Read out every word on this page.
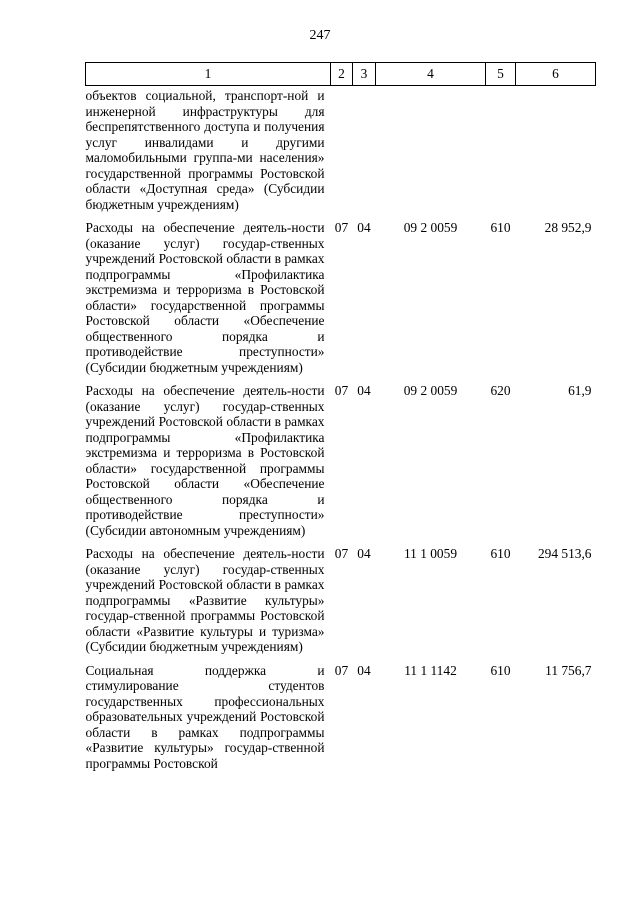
247
1	2	3	4	5	6
объектов социальной, транспорт-ной и инженерной инфраструктуры для беспрепятственного доступа и получения услуг инвалидами и другими маломобильными группа-ми населения» государственной программы Ростовской области «Доступная среда» (Субсидии бюджетным учреждениям)					
Расходы на обеспечение деятель-ности (оказание услуг) государ-ственных учреждений Ростовской области в рамках подпрограммы «Профилактика экстремизма и терроризма в Ростовской области» государственной программы Ростовской области «Обеспечение общественного порядка и противодействие преступности» (Субсидии бюджетным учреждениям)	07	04	09 2 0059	610	28 952,9
Расходы на обеспечение деятель-ности (оказание услуг) государ-ственных учреждений Ростовской области в рамках подпрограммы «Профилактика экстремизма и терроризма в Ростовской области» государственной программы Ростовской области «Обеспечение общественного порядка и противодействие преступности» (Субсидии автономным учреждениям)	07	04	09 2 0059	620	61,9
Расходы на обеспечение деятель-ности (оказание услуг) государ-ственных учреждений Ростовской области в рамках подпрограммы «Развитие культуры» государ-ственной программы Ростовской области «Развитие культуры и туризма» (Субсидии бюджетным учреждениям)	07	04	11 1 0059	610	294 513,6
Социальная поддержка и стимулирование студентов государственных профессиональных образовательных учреждений Ростовской области в рамках подпрограммы «Развитие культуры» государ-ственной программы Ростовской	07	04	11 1 1142	610	11 756,7
